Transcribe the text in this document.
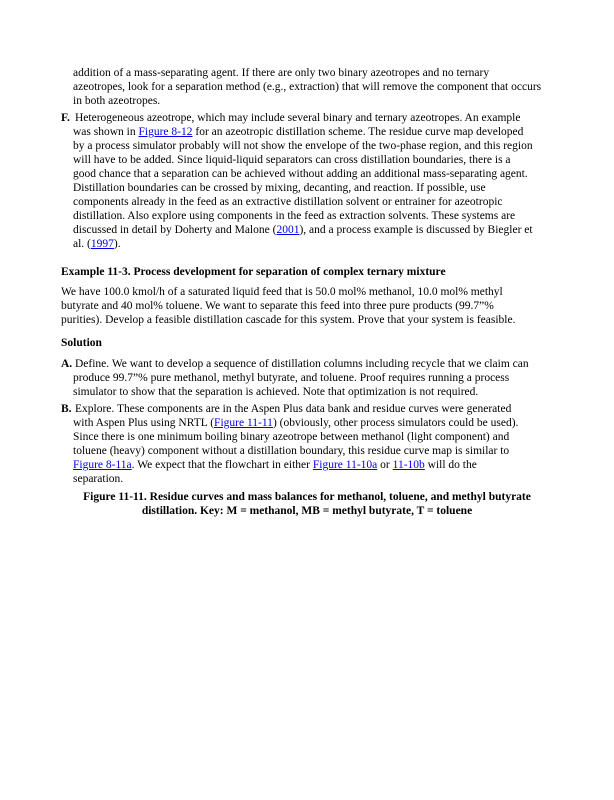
addition of a mass-separating agent. If there are only two binary azeotropes and no ternary
azeotropes, look for a separation method (e.g., extraction) that will remove the component that occurs
in both azeotropes.
F. Heterogeneous azeotrope, which may include several binary and ternary azeotropes. An example
was shown in Figure 8-12 for an azeotropic distillation scheme. The residue curve map developed
by a process simulator probably will not show the envelope of the two-phase region, and this region
will have to be added. Since liquid-liquid separators can cross distillation boundaries, there is a
good chance that a separation can be achieved without adding an additional mass-separating agent.
Distillation boundaries can be crossed by mixing, decanting, and reaction. If possible, use
components already in the feed as an extractive distillation solvent or entrainer for azeotropic
distillation. Also explore using components in the feed as extraction solvents. These systems are
discussed in detail by Doherty and Malone (2001), and a process example is discussed by Biegler et
al. (1997).
Example 11-3. Process development for separation of complex ternary mixture
We have 100.0 kmol/h of a saturated liquid feed that is 50.0 mol% methanol, 10.0 mol% methyl
butyrate and 40 mol% toluene. We want to separate this feed into three pure products (99.7”%
purities). Develop a feasible distillation cascade for this system. Prove that your system is feasible.
Solution
A. Define. We want to develop a sequence of distillation columns including recycle that we claim can
produce 99.7”% pure methanol, methyl butyrate, and toluene. Proof requires running a process
simulator to show that the separation is achieved. Note that optimization is not required.
B. Explore. These components are in the Aspen Plus data bank and residue curves were generated
with Aspen Plus using NRTL (Figure 11-11) (obviously, other process simulators could be used).
Since there is one minimum boiling binary azeotrope between methanol (light component) and
toluene (heavy) component without a distillation boundary, this residue curve map is similar to
Figure 8-11a. We expect that the flowchart in either Figure 11-10a or 11-10b will do the
separation.
Figure 11-11. Residue curves and mass balances for methanol, toluene, and methyl butyrate
distillation. Key: M = methanol, MB = methyl butyrate, T = toluene
